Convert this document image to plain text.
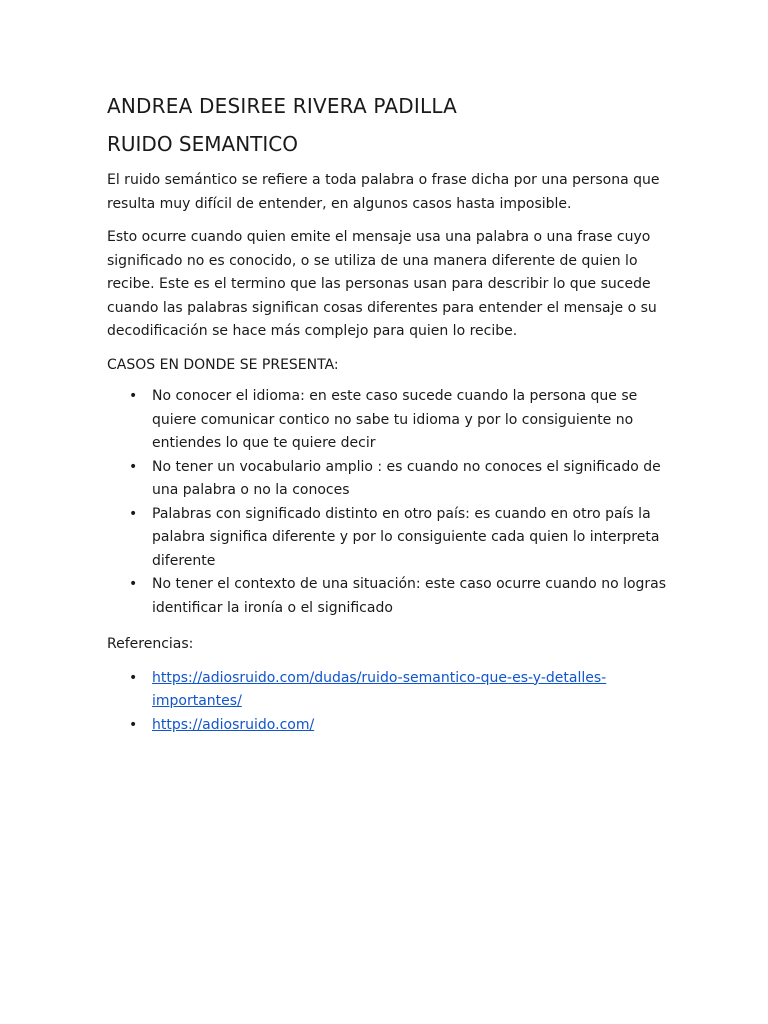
ANDREA DESIREE RIVERA PADILLA
RUIDO SEMANTICO

El ruido semántico se refiere a toda palabra o frase dicha por una persona que resulta muy difícil de entender, en algunos casos hasta imposible.

Esto ocurre cuando quien emite el mensaje usa una palabra o una frase cuyo significado no es conocido, o se utiliza de una manera diferente de quien lo recibe. Este es el termino que las personas usan para describir lo que sucede cuando las palabras significan cosas diferentes para entender el mensaje o su decodificación se hace más complejo para quien lo recibe.

CASOS EN DONDE SE PRESENTA:

• No conocer el idioma: en este caso sucede cuando la persona que se quiere comunicar contico no sabe tu idioma y por lo consiguiente no entiendes lo que te quiere decir
• No tener un vocabulario amplio : es cuando no conoces el significado de una palabra o no la conoces
• Palabras con significado distinto en otro país: es cuando en otro país la palabra significa diferente y por lo consiguiente cada quien lo interpreta diferente
• No tener el contexto de una situación: este caso ocurre cuando no logras identificar la ironía o el significado

Referencias:

• https://adiosruido.com/dudas/ruido-semantico-que-es-y-detalles-importantes/
• https://adiosruido.com/
